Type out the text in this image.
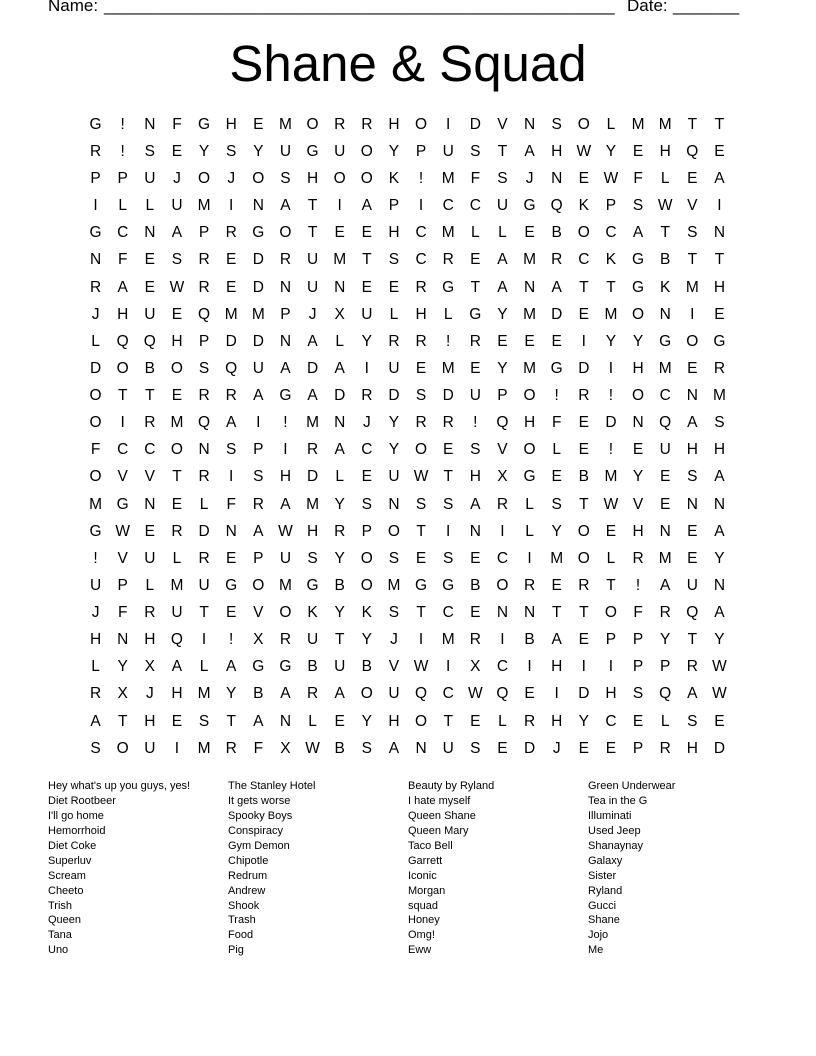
Name: ______________________________________________________ Date: _______
Shane & Squad
G	!	N	F	G H	E M O R	R	H	O	I	D	V	N	S	O	L	M M	T	T
R	!	S	E	Y	S	Y	U	G U	O	Y	P	U	S	T	A	H W Y	E	H	Q	E
P	P	U	J	O	J	O	S	H	O O	K	!	M	F	S	J	N	E W F	L	E	A
I	L	L	U M	I	N	A	T	I	A	P	I	C	C	U	G Q	K	P	S W V	I
G C	N	A	P	R	G O	T	E	E	H	C M	L	L	E	B	O C	A	T	S	N
N	F	E	S	R	E	D	R	U M	T	S	C	R	E	A M R	C	K	G	B	T	T
R	A	E W R	E	D	N	U	N	E	E	R	G	T	A	N	A	T	T	G	K M H
J	H	U	E	Q M M	P	J	X	U	L	H	L	G	Y M D	E M O N	I	E
L	Q Q H	P	D	D	N	A	L	Y	R	R	!	R	E	E	E	I	Y	Y	G O G
D	O	B	O	S	Q U	A	D	A	I	U	E M	E	Y M G D	I	H M	E	R
O	T	T	E	R	R	A	G	A	D	R	D	S	D	U	P	O	!	R	!	O C	N M
O	I	R M Q	A	I	!	M N	J	Y	R	R	!	Q H	F	E	D	N	Q	A	S
F	C	C	O N	S	P	I	R	A	C	Y	O	E	S	V	O	L	E	!	E	U	H	H
O	V	V	T	R	I	S	H	D	L	E	U W T	H	X	G	E	B M	Y	E	S	A
M G N	E	L	F	R	A M	Y	S	N	S	S	A	R	L	S	T W V	E	N	N
G W E	R	D	N	A W H	R	P	O	T	I	N	I	L	Y	O	E	H	N	E	A
!	V	U	L	R	E	P	U	S	Y	O	S	E	S	E	C	I	M O	L	R M	E	Y
U	P	L	M U	G O M G	B	O M G G	B	O R	E	R	T	!	A	U	N
J	F	R	U	T	E	V	O	K	Y	K	S	T	C	E	N	N	T	T	O	F	R	Q	A
H	N	H	Q	I	!	X	R	U	T	Y	J	I	M R	I	B	A	E	P	P	Y	T	Y
L	Y	X	A	L	A	G G	B	U	B	V W	I	X	C	I	H	I	I	P	P	R W
R	X	J	H M	Y	B	A	R	A	O U	Q C W Q	E	I	D	H	S	Q	A W
A	T	H	E	S	T	A	N	L	E	Y	H	O	T	E	L	R	H	Y	C	E	L	S	E
S	O U	I	M R	F	X W B	S	A	N	U	S	E	D	J	E	E	P	R	H	D
Hey what's up you guys, yes!
Diet Rootbeer
I'll go home
Hemorrhoid
Diet Coke
Superluv
Scream
Cheeto
Trish
Queen
Tana
Uno
The Stanley Hotel
It gets worse
Spooky Boys
Conspiracy
Gym Demon
Chipotle
Redrum
Andrew
Shook
Trash
Food
Pig
Beauty by Ryland
I hate myself
Queen Shane
Queen Mary
Taco Bell
Garrett
Iconic
Morgan
squad
Honey
Omg!
Eww
Green Underwear
Tea in the G
Illuminati
Used Jeep
Shanaynay
Galaxy
Sister
Ryland
Gucci
Shane
Jojo
Me
